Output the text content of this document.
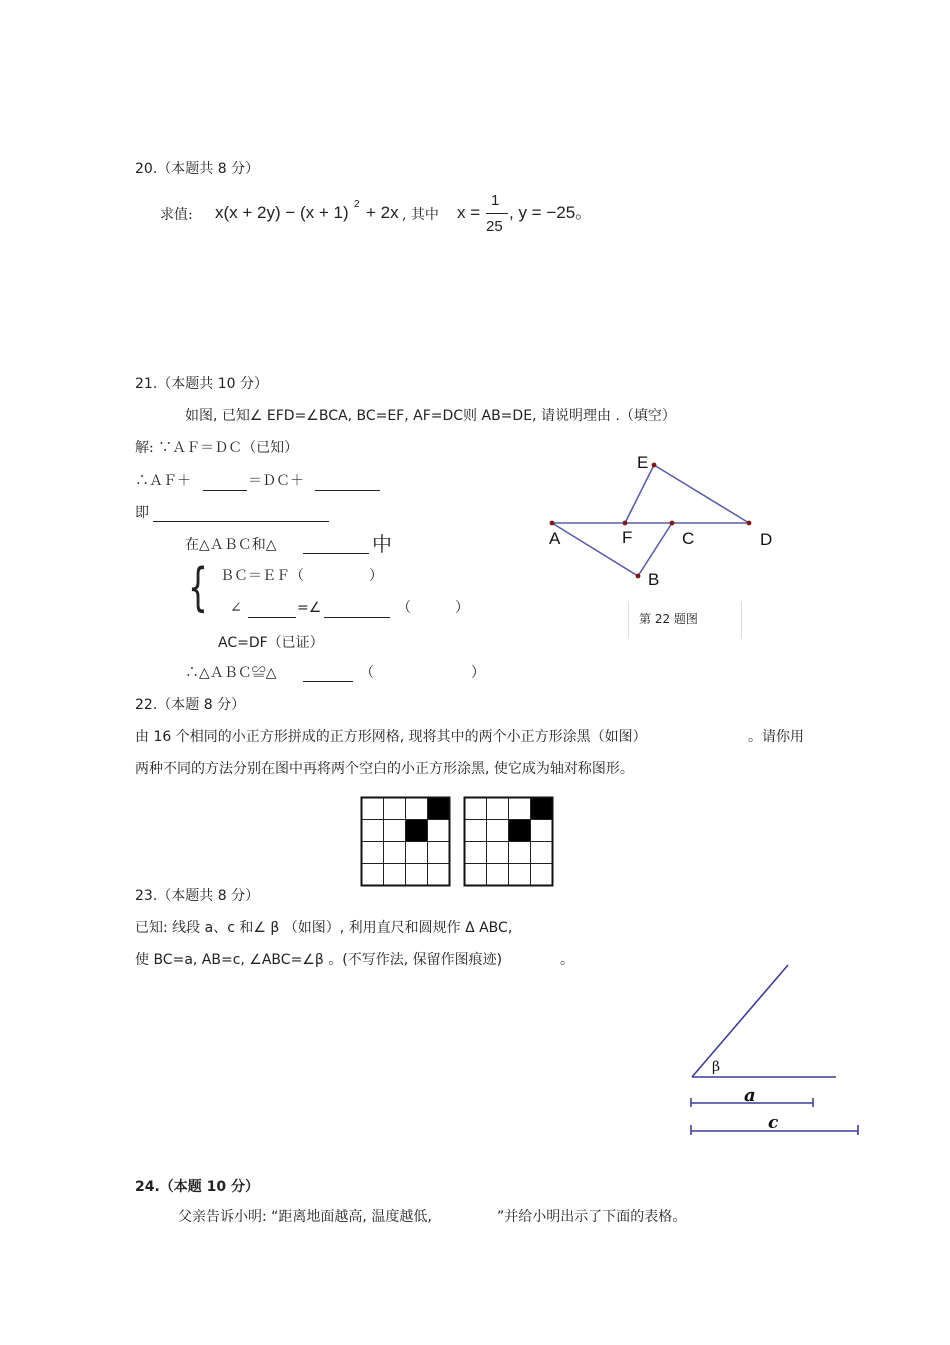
20.（本题共 8 分）
求值: x(x + 2y) − (x + 1) 2 + 2x , 其中 x =
1
25
, y = −25。
21.（本题共 10 分）
如图, 已知∠ EFD=∠BCA, BC=EF, AF=DC则 AB=DE, 请说明理由 .（填空）
解: ∵ＡＦ＝ＤＣ（已知）
∴ＡＦ＋	＝ＤＣ＋
即
在△ＡＢＣ和△	中
{ ＢＣ＝ＥＦ（	）
∠	=∠	（	）
AC=DF（已证）
∴△ＡＢＣ≌△	（	）
E
A	F	C	D
B
第 22 题图
22.（本题 8 分）
由 16 个相同的小正方形拼成的正方形网格, 现将其中的两个小正方形涂黑（如图）	。请你用
两种不同的方法分别在图中再将两个空白的小正方形涂黑, 使它成为轴对称图形。
23.（本题共 8 分）
已知: 线段 a、c 和∠ β （如图）, 利用直尺和圆规作 Δ ABC,
使 BC=a, AB=c, ∠ABC=∠β 。(不写作法, 保留作图痕迹)	。
β
a
c
24.（本题 10 分）
父亲告诉小明: “距离地面越高, 温度越低,	”并给小明出示了下面的表格。
